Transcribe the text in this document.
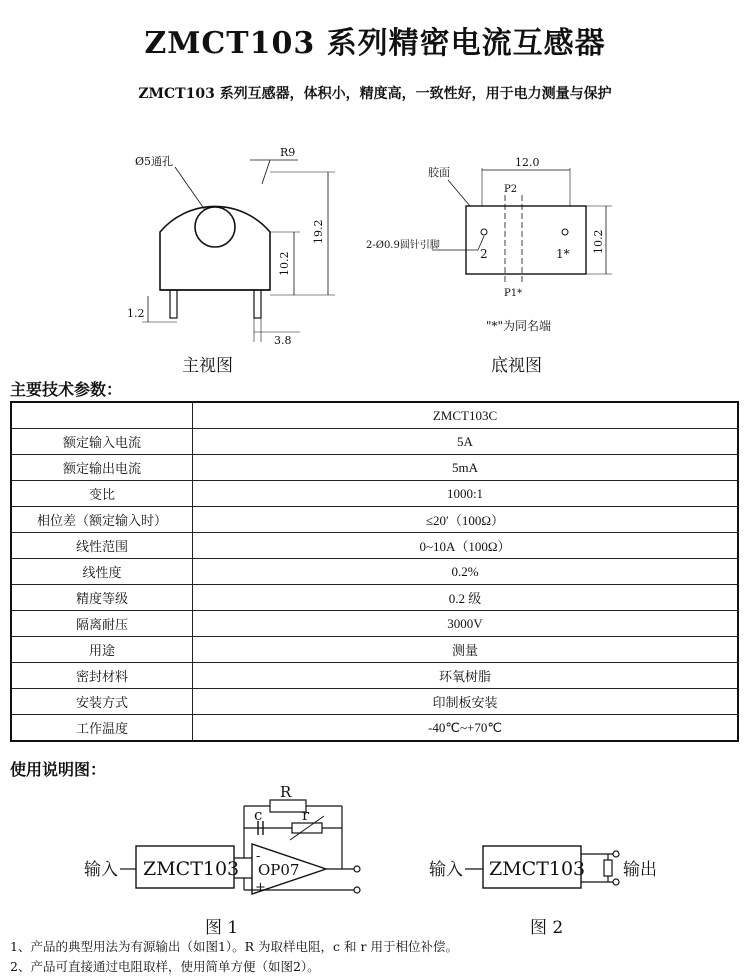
ZMCT103 系列精密电流互感器
ZMCT103 系列互感器，体积小，精度高，一致性好，用于电力测量与保护
Ø5通孔
R9
19.2
10.2
1.2
3.8
主视图
胶面
12.0
P2
P1*
2	1*
2-Ø0.9圆针引脚	10.2
"*"为同名端
底视图
主要技术参数：
	ZMCT103C
额定输入电流	5A
额定输出电流	5mA
变比	1000:1
相位差（额定输入时）	≤20′（100Ω）
线性范围	0~10A（100Ω）
线性度	0.2%
精度等级	0.2 级
隔离耐压	3000V
用途	测量
密封材料	环氧树脂
安装方式	印制板安装
工作温度	-40℃~+70℃
使用说明图：
输入 ZMCT103
R
c	r
-
+
OP07
图 1
输入 ZMCT103 输出
图 2
1、产品的典型用法为有源输出（如图1）。R 为取样电阻，c 和 r 用于相位补偿。
2、产品可直接通过电阻取样，使用简单方便（如图2）。
